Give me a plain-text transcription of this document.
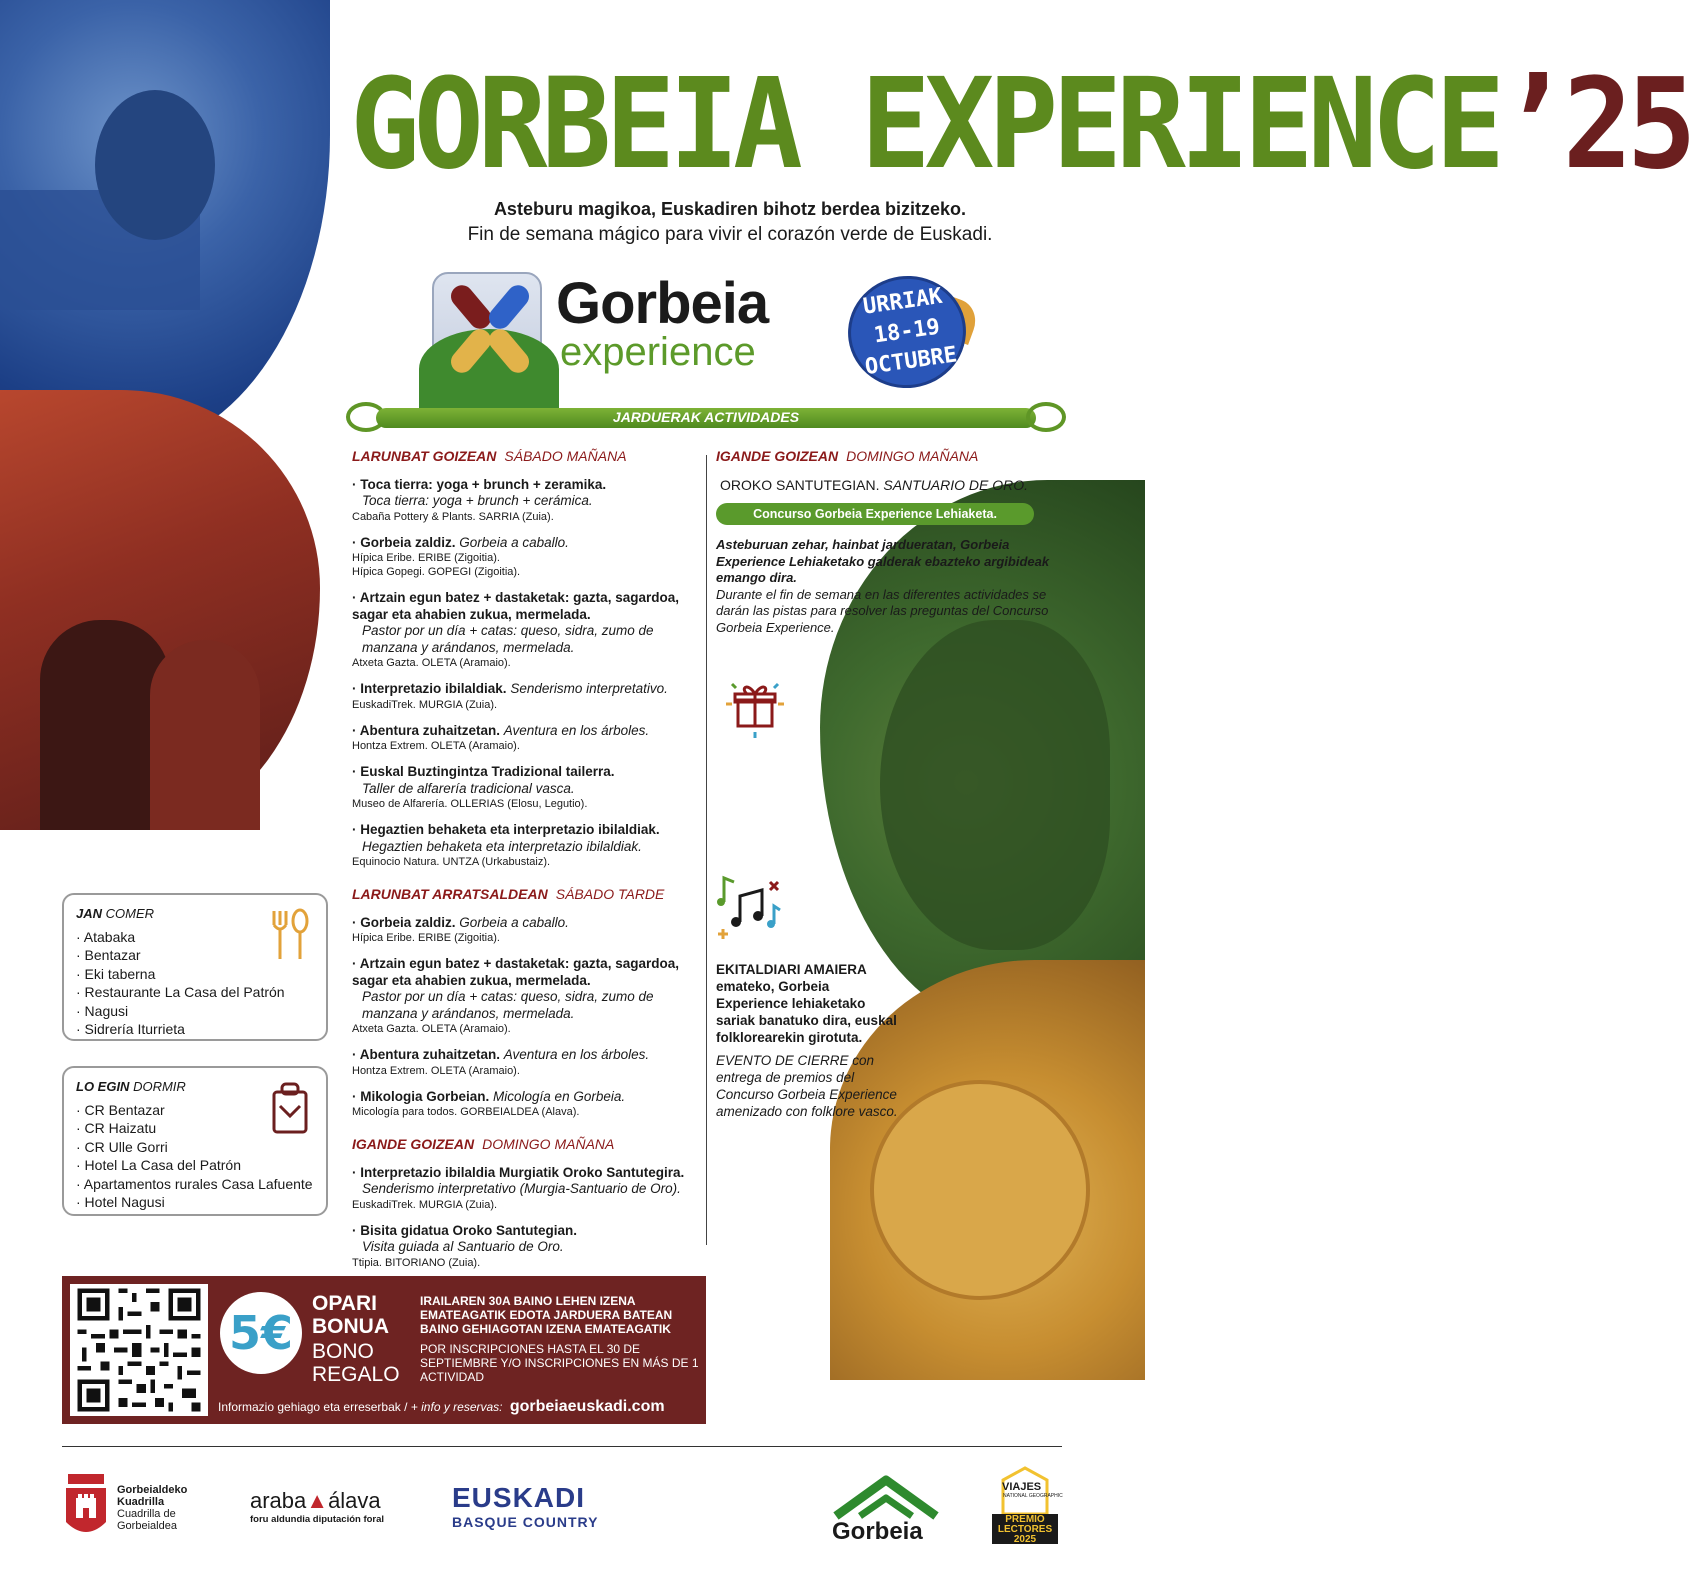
GORBEIA EXPERIENCE’25
Asteburu magikoa, Euskadiren bihotz berdea bizitzeko.
Fin de semana mágico para vivir el corazón verde de Euskadi.
Gorbeia
experience
URRIAK
18-19
OCTUBRE
JARDUERAK ACTIVIDADES
LARUNBAT GOIZEAN SÁBADO MAÑANA
· Toca tierra: yoga + brunch + zeramika.
Toca tierra: yoga + brunch + cerámica.
Cabaña Pottery & Plants. SARRIA (Zuia).
· Gorbeia zaldiz. Gorbeia a caballo.
Hípica Eribe. ERIBE (Zigoitia).
Hípica Gopegi. GOPEGI (Zigoitia).
· Artzain egun batez + dastaketak: gazta, sagardoa, sagar eta ahabien zukua, mermelada.
Pastor por un día + catas: queso, sidra, zumo de manzana y arándanos, mermelada.
Atxeta Gazta. OLETA (Aramaio).
· Interpretazio ibilaldiak. Senderismo interpretativo.
EuskadiTrek. MURGIA (Zuia).
· Abentura zuhaitzetan. Aventura en los árboles.
Hontza Extrem. OLETA (Aramaio).
· Euskal Buztingintza Tradizional tailerra.
Taller de alfarería tradicional vasca.
Museo de Alfarería. OLLERIAS (Elosu, Legutio).
· Hegaztien behaketa eta interpretazio ibilaldiak.
Hegaztien behaketa eta interpretazio ibilaldiak.
Equinocio Natura. UNTZA (Urkabustaiz).
LARUNBAT ARRATSALDEAN SÁBADO TARDE
· Gorbeia zaldiz. Gorbeia a caballo.
Hípica Eribe. ERIBE (Zigoitia).
· Artzain egun batez + dastaketak: gazta, sagardoa, sagar eta ahabien zukua, mermelada.
Pastor por un día + catas: queso, sidra, zumo de manzana y arándanos, mermelada.
Atxeta Gazta. OLETA (Aramaio).
· Abentura zuhaitzetan. Aventura en los árboles.
Hontza Extrem. OLETA (Aramaio).
· Mikologia Gorbeian. Micología en Gorbeia.
Micología para todos. GORBEIALDEA (Alava).
IGANDE GOIZEAN DOMINGO MAÑANA
· Interpretazio ibilaldia Murgiatik Oroko Santutegira.
Senderismo interpretativo (Murgia-Santuario de Oro).
EuskadiTrek. MURGIA (Zuia).
· Bisita gidatua Oroko Santutegian.
Visita guiada al Santuario de Oro.
Ttipia. BITORIANO (Zuia).
IGANDE GOIZEAN DOMINGO MAÑANA
OROKO SANTUTEGIAN. SANTUARIO DE ORO.
Concurso Gorbeia Experience Lehiaketa.
Asteburuan zehar, hainbat jardueratan, Gorbeia Experience Lehiaketako galderak ebazteko argibideak emango dira.
Durante el fin de semana en las diferentes actividades se darán las pistas para resolver las preguntas del Concurso Gorbeia Experience.
EKITALDIARI AMAIERA emateko, Gorbeia Experience lehiaketako sariak banatuko dira, euskal folklorearekin girotuta.
EVENTO DE CIERRE con entrega de premios del Concurso Gorbeia Experience amenizado con folklore vasco.
JAN COMER
· Atabaka
· Bentazar
· Eki taberna
· Restaurante La Casa del Patrón
· Nagusi
· Sidrería Iturrieta
LO EGIN DORMIR
· CR Bentazar
· CR Haizatu
· CR Ulle Gorri
· Hotel La Casa del Patrón
· Apartamentos rurales Casa Lafuente
· Hotel Nagusi
5€
OPARI
BONUA
BONO
REGALO
IRAILAREN 30A BAINO LEHEN IZENA EMATEAGATIK EDOTA JARDUERA BATEAN BAINO GEHIAGOTAN IZENA EMATEAGATIK
POR INSCRIPCIONES HASTA EL 30 DE SEPTIEMBRE Y/O INSCRIPCIONES EN MÁS DE 1 ACTIVIDAD
Informazio gehiago eta erreserbak / + info y reservas: gorbeiaeuskadi.com
Gorbeialdeko
Kuadrilla
Cuadrilla de
Gorbeialdea
araba▲álava
foru aldundia diputación foral
EUSKADI
BASQUE COUNTRY	Gorbeia
VIAJES
NATIONAL GEOGRAPHIC
PREMIO
LECTORES
2025
